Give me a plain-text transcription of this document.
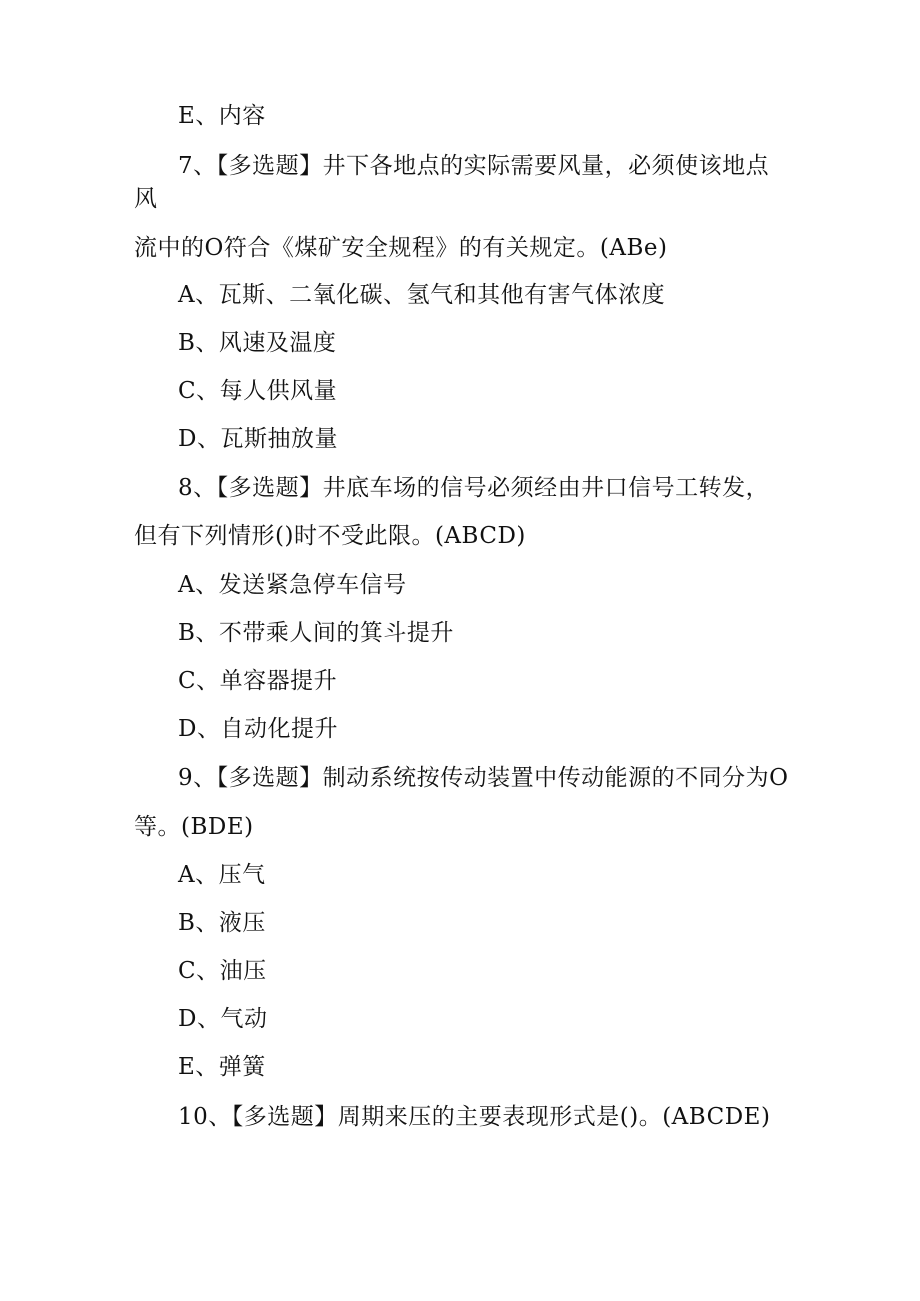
E、内容
7、【多选题】井下各地点的实际需要风量，必须使该地点
风
流中的O符合《煤矿安全规程》的有关规定。(ABe)
A、瓦斯、二氧化碳、氢气和其他有害气体浓度
B、风速及温度
C、每人供风量
D、瓦斯抽放量
8、【多选题】井底车场的信号必须经由井口信号工转发，
但有下列情形()时不受此限。(ABCD)
A、发送紧急停车信号
B、不带乘人间的箕斗提升
C、单容器提升
D、自动化提升
9、【多选题】制动系统按传动装置中传动能源的不同分为O
等。(BDE)
A、压气
B、液压
C、油压
D、气动
E、弹簧
10、【多选题】周期来压的主要表现形式是()。(ABCDE)
